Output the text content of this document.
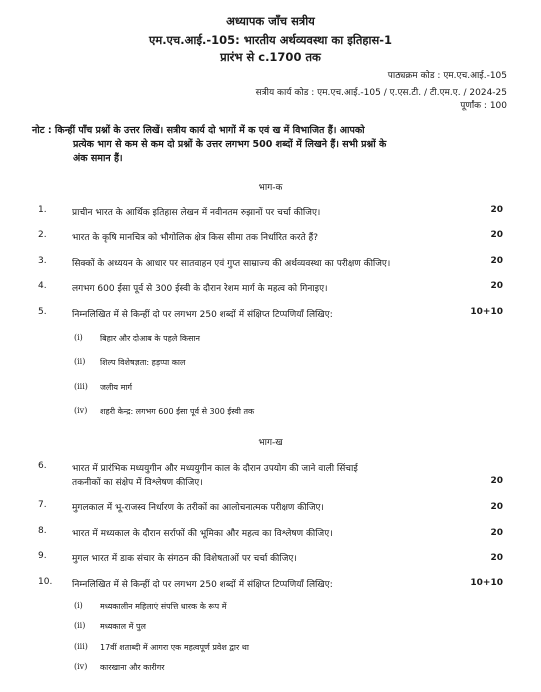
अध्यापक जाँच सत्रीय
एम.एच.आई.-105: भारतीय अर्थव्यवस्था का इतिहास-1
प्रारंभ से c.1700 तक
पाठ्यक्रम कोड : एम.एच.आई.-105
सत्रीय कार्य कोड : एम.एच.आई.-105 / ए.एस.टी. / टी.एम.ए. / 2024-25
पूर्णांक : 100
नोट : किन्हीं पाँच प्रश्नों के उत्तर लिखें। सत्रीय कार्य दो भागों में क एवं ख में विभाजित हैं। आपको
प्रत्येक भाग से कम से कम दो प्रश्नों के उत्तर लगभग 500 शब्दों में लिखने हैं। सभी प्रश्नों के
अंक समान हैं।
भाग-क
1.	प्राचीन भारत के आर्थिक इतिहास लेखन में नवीनतम रुझानों पर चर्चा कीजिए।	20
2.	भारत के कृषि मानचित्र को भौगोलिक क्षेत्र किस सीमा तक निर्धारित करते हैं?	20
3.	सिक्कों के अध्ययन के आधार पर सातवाहन एवं गुप्त साम्राज्य की अर्थव्यवस्था का परीक्षण कीजिए।	20
4.	लगभग 600 ईसा पूर्व से 300 ईस्वी के दौरान रेशम मार्ग के महत्व को गिनाइए।	20
5.	निम्नलिखित में से किन्हीं दो पर लगभग 250 शब्दों में संक्षिप्त टिप्पणियाँ लिखिए:	10+10
(i) बिहार और दोआब के पहले किसान
(ii) शिल्प विशेषज्ञता: हड़प्पा काल
(iii) जलीय मार्ग
(iv) शहरी केन्द्र: लगभग 600 ईसा पूर्व से 300 ईस्वी तक
भाग-ख
6.	भारत में प्रारंभिक मध्ययुगीन और मध्ययुगीन काल के दौरान उपयोग की जाने वाली सिंचाई
तकनीकों का संक्षेप में विश्लेषण कीजिए।	20
7.	मुगलकाल में भू-राजस्व निर्धारण के तरीकों का आलोचनात्मक परीक्षण कीजिए।	20
8.	भारत में मध्यकाल के दौरान सर्राफों की भूमिका और महत्व का विश्लेषण कीजिए।	20
9.	मुगल भारत में डाक संचार के संगठन की विशेषताओं पर चर्चा कीजिए।	20
10. निम्नलिखित में से किन्हीं दो पर लगभग 250 शब्दों में संक्षिप्त टिप्पणियाँ लिखिए:	10+10
(i) मध्यकालीन महिलाएं संपत्ति धारक के रूप में
(ii) मध्यकाल में पुल
(iii) 17वीं शताब्दी में आगरा एक महत्वपूर्ण प्रवेश द्वार था
(iv) कारखाना और कारीगर
